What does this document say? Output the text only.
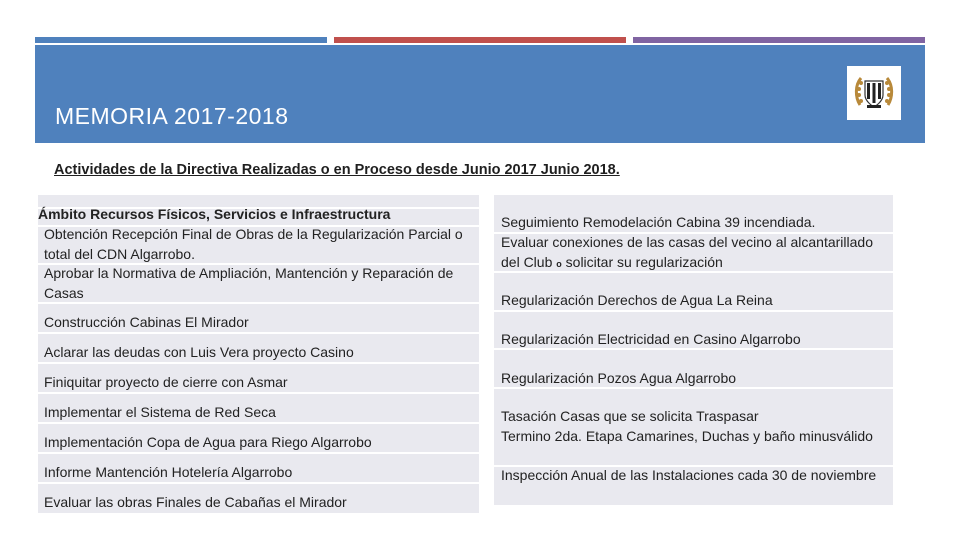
MEMORIA 2017-2018
Actividades de la Directiva Realizadas o en Proceso desde Junio 2017 Junio 2018.
Ámbito Recursos Físicos, Servicios e Infraestructura
Obtención Recepción Final de Obras de la Regularización Parcial o total del CDN Algarrobo.
Aprobar la Normativa de Ampliación, Mantención y Reparación de Casas
Construcción Cabinas El Mirador
Aclarar las deudas con Luis Vera proyecto Casino
Finiquitar proyecto de cierre con Asmar
Implementar el Sistema de Red Seca
Implementación Copa de Agua para Riego Algarrobo
Informe Mantención Hotelería Algarrobo
Evaluar las obras Finales de Cabañas el Mirador
Seguimiento Remodelación Cabina 39 incendiada.
Evaluar conexiones de las casas del vecino al alcantarillado del Club o solicitar su regularización
Regularización Derechos de Agua La Reina
Regularización Electricidad en Casino Algarrobo
Regularización Pozos Agua Algarrobo
Tasación Casas que se solicita Traspasar
Termino 2da. Etapa Camarines, Duchas y baño minusválido
Inspección Anual de las Instalaciones cada 30 de noviembre
